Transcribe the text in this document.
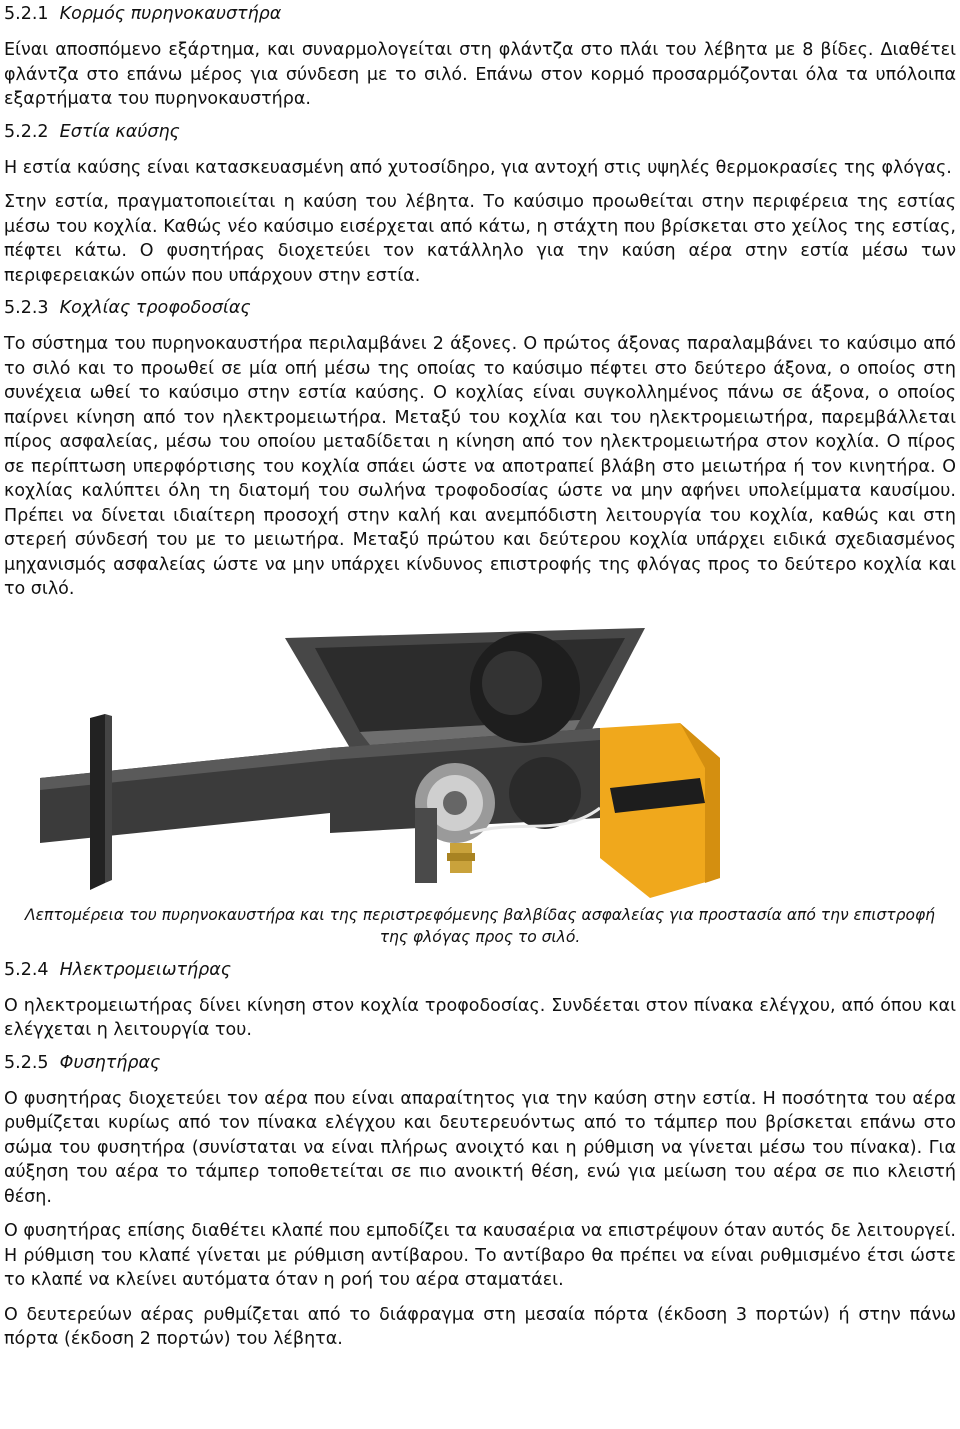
5.2.1 Κορμός πυρηνοκαυστήρα

Είναι αποσπόμενο εξάρτημα, και συναρμολογείται στη φλάντζα στο πλάι του λέβητα με 8 βίδες. Διαθέτει φλάντζα στο επάνω μέρος για σύνδεση με το σιλό. Επάνω στον κορμό προσαρμόζονται όλα τα υπόλοιπα εξαρτήματα του πυρηνοκαυστήρα.

5.2.2 Εστία καύσης

Η εστία καύσης είναι κατασκευασμένη από χυτοσίδηρο, για αντοχή στις υψηλές θερμοκρασίες της φλόγας.

Στην εστία, πραγματοποιείται η καύση του λέβητα. Το καύσιμο προωθείται στην περιφέρεια της εστίας μέσω του κοχλία. Καθώς νέο καύσιμο εισέρχεται από κάτω, η στάχτη που βρίσκεται στο χείλος της εστίας, πέφτει κάτω. Ο φυσητήρας διοχετεύει τον κατάλληλο για την καύση αέρα στην εστία μέσω των περιφερειακών οπών που υπάρχουν στην εστία.

5.2.3 Κοχλίας τροφοδοσίας

Το σύστημα του πυρηνοκαυστήρα περιλαμβάνει 2 άξονες. Ο πρώτος άξονας παραλαμβάνει το καύσιμο από το σιλό και το προωθεί σε μία οπή μέσω της οποίας το καύσιμο πέφτει στο δεύτερο άξονα, ο οποίος στη συνέχεια ωθεί το καύσιμο στην εστία καύσης. Ο κοχλίας είναι συγκολλημένος πάνω σε άξονα, ο οποίος παίρνει κίνηση από τον ηλεκτρομειωτήρα. Μεταξύ του κοχλία και του ηλεκτρομειωτήρα, παρεμβάλλεται πίρος ασφαλείας, μέσω του οποίου μεταδίδεται η κίνηση από τον ηλεκτρομειωτήρα στον κοχλία. Ο πίρος σε περίπτωση υπερφόρτισης του κοχλία σπάει ώστε να αποτραπεί βλάβη στο μειωτήρα ή τον κινητήρα. Ο κοχλίας καλύπτει όλη τη διατομή του σωλήνα τροφοδοσίας ώστε να μην αφήνει υπολείμματα καυσίμου. Πρέπει να δίνεται ιδιαίτερη προσοχή στην καλή και ανεμπόδιστη λειτουργία του κοχλία, καθώς και στη στερεή σύνδεσή του με το μειωτήρα. Μεταξύ πρώτου και δεύτερου κοχλία υπάρχει ειδικά σχεδιασμένος μηχανισμός ασφαλείας ώστε να μην υπάρχει κίνδυνος επιστροφής της φλόγας προς το δεύτερο κοχλία και το σιλό.

Λεπτομέρεια του πυρηνοκαυστήρα και της περιστρεφόμενης βαλβίδας ασφαλείας για προστασία από την επιστροφή της φλόγας προς το σιλό.

5.2.4 Ηλεκτρομειωτήρας

Ο ηλεκτρομειωτήρας δίνει κίνηση στον κοχλία τροφοδοσίας. Συνδέεται στον πίνακα ελέγχου, από όπου και ελέγχεται η λειτουργία του.

5.2.5 Φυσητήρας

Ο φυσητήρας διοχετεύει τον αέρα που είναι απαραίτητος για την καύση στην εστία. Η ποσότητα του αέρα ρυθμίζεται κυρίως από τον πίνακα ελέγχου και δευτερευόντως από το τάμπερ που βρίσκεται επάνω στο σώμα του φυσητήρα (συνίσταται να είναι πλήρως ανοιχτό και η ρύθμιση να γίνεται μέσω του πίνακα). Για αύξηση του αέρα το τάμπερ τοποθετείται σε πιο ανοικτή θέση, ενώ για μείωση του αέρα σε πιο κλειστή θέση.

Ο φυσητήρας επίσης διαθέτει κλαπέ που εμποδίζει τα καυσαέρια να επιστρέψουν όταν αυτός δε λειτουργεί. Η ρύθμιση του κλαπέ γίνεται με ρύθμιση αντίβαρου. Το αντίβαρο θα πρέπει να είναι ρυθμισμένο έτσι ώστε το κλαπέ να κλείνει αυτόματα όταν η ροή του αέρα σταματάει.

Ο δευτερεύων αέρας ρυθμίζεται από το διάφραγμα στη μεσαία πόρτα (έκδοση 3 πορτών) ή στην πάνω πόρτα (έκδοση 2 πορτών) του λέβητα.
